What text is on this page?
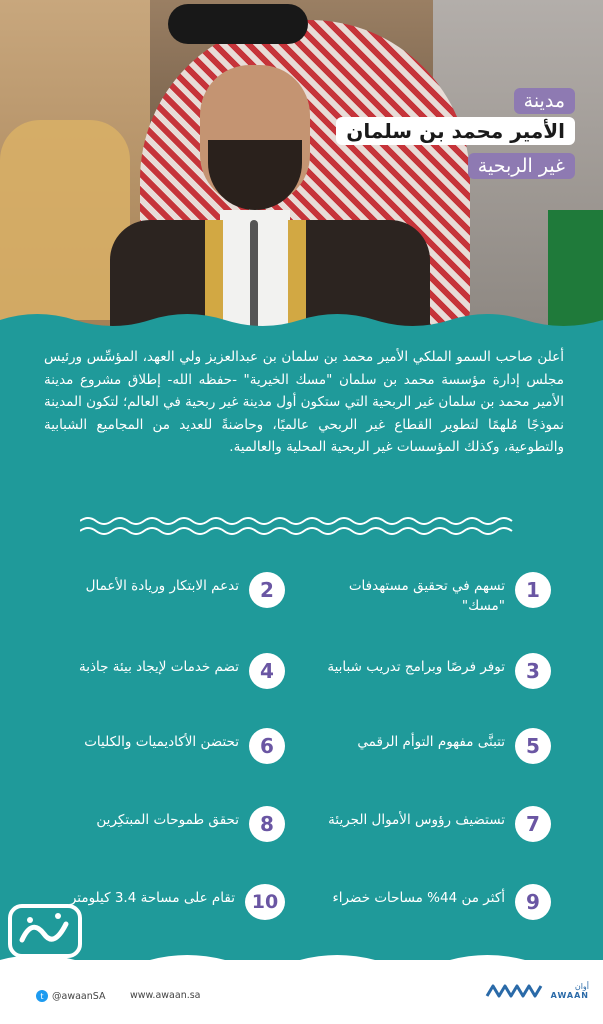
مدينة
الأمير محمد بن سلمان
غير الربحية

أعلن صاحب السمو الملكي الأمير محمد بن سلمان بن عبدالعزيز ولي العهد، المؤسِّس ورئيس مجلس إدارة مؤسسة محمد بن سلمان "مسك الخيرية" -حفظه الله- إطلاق مشروع مدينة الأمير محمد بن سلمان غير الربحية التي ستكون أول مدينة غير ربحية في العالم؛ لتكون المدينة نموذجًا مُلهمًا لتطوير القطاع غير الربحي عالميًا، وحاضنةً للعديد من المجاميع الشبابية والتطوعية، وكذلك المؤسسات غير الربحية المحلية والعالمية.

1
تسهم في تحقيق مستهدفات "مسك"
2
تدعم الابتكار وريادة الأعمال
3
توفر فرصًا وبرامج تدريب شبابية
4
تضم خدمات لإيجاد بيئة جاذبة
5
تتبنَّى مفهوم التوأم الرقمي
6
تحتضن الأكاديميات والكليات
7
تستضيف رؤوس الأموال الجريئة
8
تحقق طموحات المبتكِرين
9
أكثر من 44% مساحات خضراء
10
تقام على مساحة 3.4 كيلومتر
t @awaanSA	www.awaan.sa
أوان
AWAAN
